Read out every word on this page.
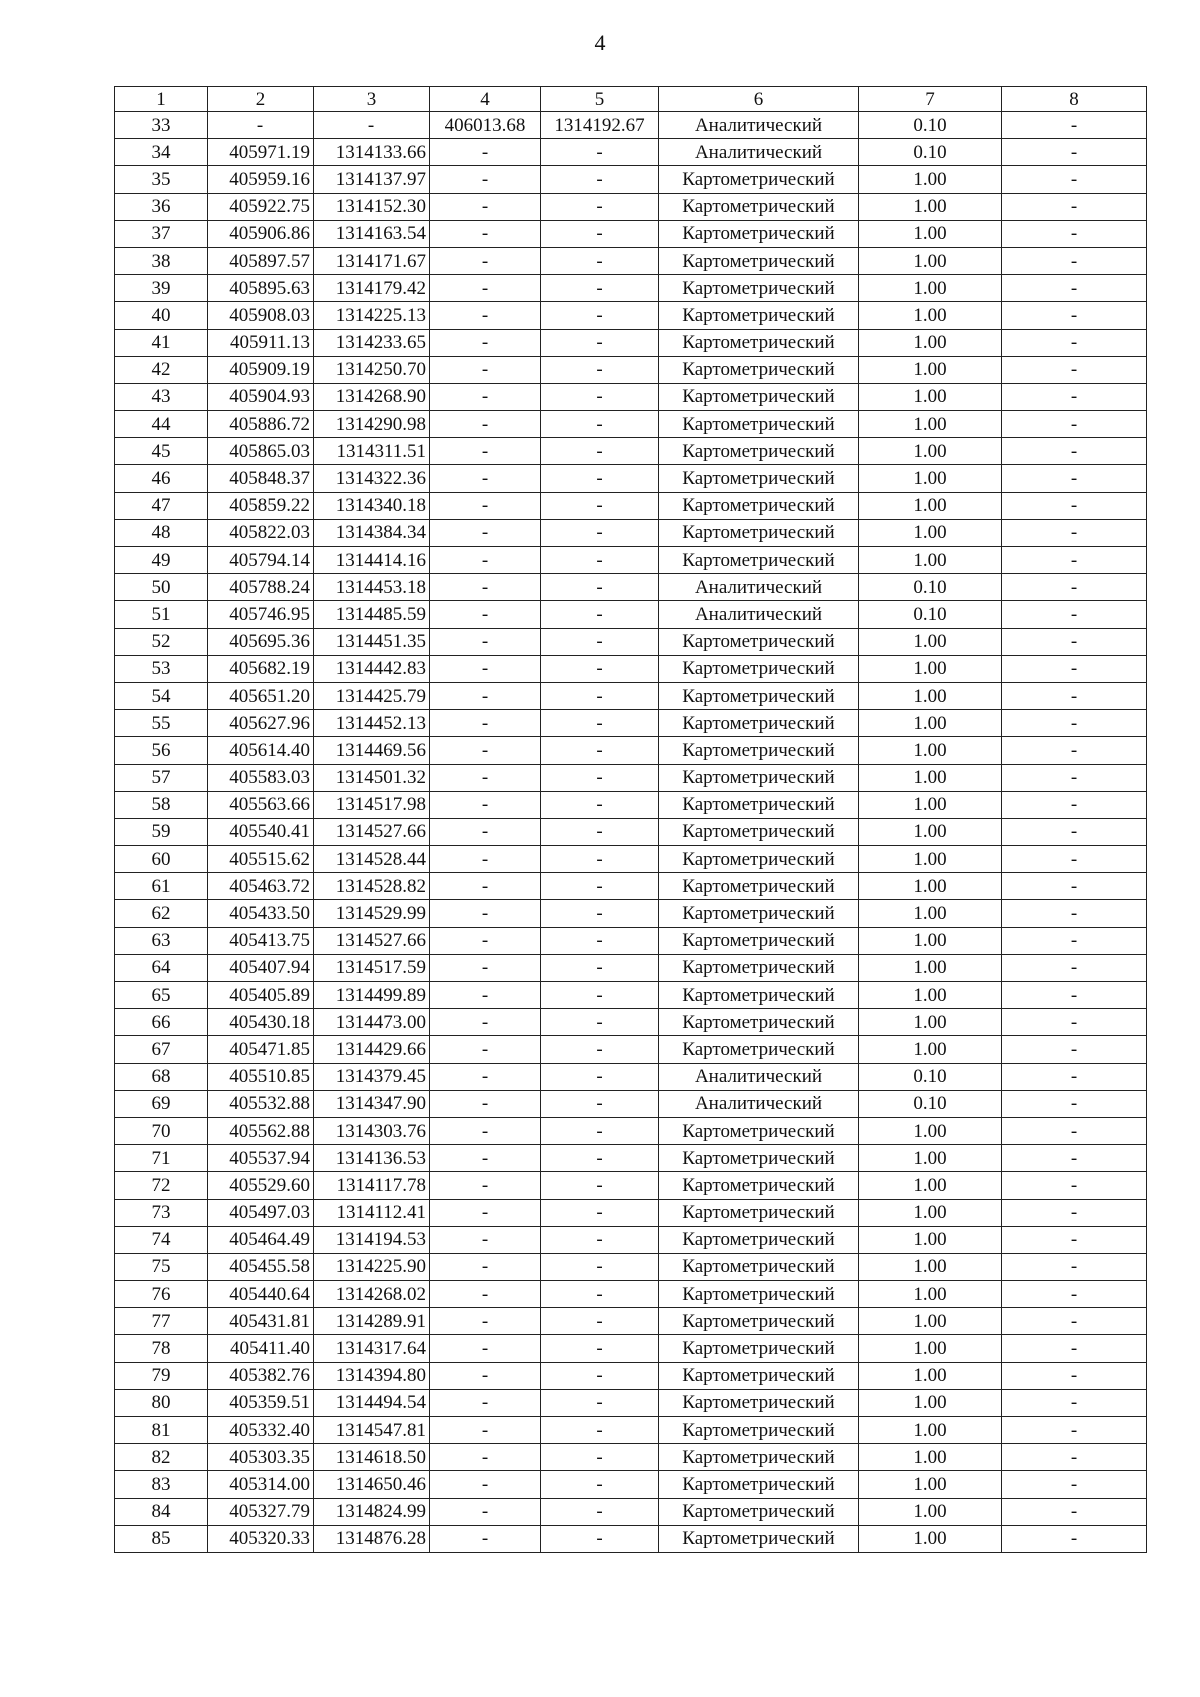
4
1	2	3	4	5	6	7	8
33	-	-	406013.68	1314192.67	Аналитический	0.10	-
34	405971.19	1314133.66	-	-	Аналитический	0.10	-
35	405959.16	1314137.97	-	-	Картометрический	1.00	-
36	405922.75	1314152.30	-	-	Картометрический	1.00	-
37	405906.86	1314163.54	-	-	Картометрический	1.00	-
38	405897.57	1314171.67	-	-	Картометрический	1.00	-
39	405895.63	1314179.42	-	-	Картометрический	1.00	-
40	405908.03	1314225.13	-	-	Картометрический	1.00	-
41	405911.13	1314233.65	-	-	Картометрический	1.00	-
42	405909.19	1314250.70	-	-	Картометрический	1.00	-
43	405904.93	1314268.90	-	-	Картометрический	1.00	-
44	405886.72	1314290.98	-	-	Картометрический	1.00	-
45	405865.03	1314311.51	-	-	Картометрический	1.00	-
46	405848.37	1314322.36	-	-	Картометрический	1.00	-
47	405859.22	1314340.18	-	-	Картометрический	1.00	-
48	405822.03	1314384.34	-	-	Картометрический	1.00	-
49	405794.14	1314414.16	-	-	Картометрический	1.00	-
50	405788.24	1314453.18	-	-	Аналитический	0.10	-
51	405746.95	1314485.59	-	-	Аналитический	0.10	-
52	405695.36	1314451.35	-	-	Картометрический	1.00	-
53	405682.19	1314442.83	-	-	Картометрический	1.00	-
54	405651.20	1314425.79	-	-	Картометрический	1.00	-
55	405627.96	1314452.13	-	-	Картометрический	1.00	-
56	405614.40	1314469.56	-	-	Картометрический	1.00	-
57	405583.03	1314501.32	-	-	Картометрический	1.00	-
58	405563.66	1314517.98	-	-	Картометрический	1.00	-
59	405540.41	1314527.66	-	-	Картометрический	1.00	-
60	405515.62	1314528.44	-	-	Картометрический	1.00	-
61	405463.72	1314528.82	-	-	Картометрический	1.00	-
62	405433.50	1314529.99	-	-	Картометрический	1.00	-
63	405413.75	1314527.66	-	-	Картометрический	1.00	-
64	405407.94	1314517.59	-	-	Картометрический	1.00	-
65	405405.89	1314499.89	-	-	Картометрический	1.00	-
66	405430.18	1314473.00	-	-	Картометрический	1.00	-
67	405471.85	1314429.66	-	-	Картометрический	1.00	-
68	405510.85	1314379.45	-	-	Аналитический	0.10	-
69	405532.88	1314347.90	-	-	Аналитический	0.10	-
70	405562.88	1314303.76	-	-	Картометрический	1.00	-
71	405537.94	1314136.53	-	-	Картометрический	1.00	-
72	405529.60	1314117.78	-	-	Картометрический	1.00	-
73	405497.03	1314112.41	-	-	Картометрический	1.00	-
74	405464.49	1314194.53	-	-	Картометрический	1.00	-
75	405455.58	1314225.90	-	-	Картометрический	1.00	-
76	405440.64	1314268.02	-	-	Картометрический	1.00	-
77	405431.81	1314289.91	-	-	Картометрический	1.00	-
78	405411.40	1314317.64	-	-	Картометрический	1.00	-
79	405382.76	1314394.80	-	-	Картометрический	1.00	-
80	405359.51	1314494.54	-	-	Картометрический	1.00	-
81	405332.40	1314547.81	-	-	Картометрический	1.00	-
82	405303.35	1314618.50	-	-	Картометрический	1.00	-
83	405314.00	1314650.46	-	-	Картометрический	1.00	-
84	405327.79	1314824.99	-	-	Картометрический	1.00	-
85	405320.33	1314876.28	-	-	Картометрический	1.00	-
